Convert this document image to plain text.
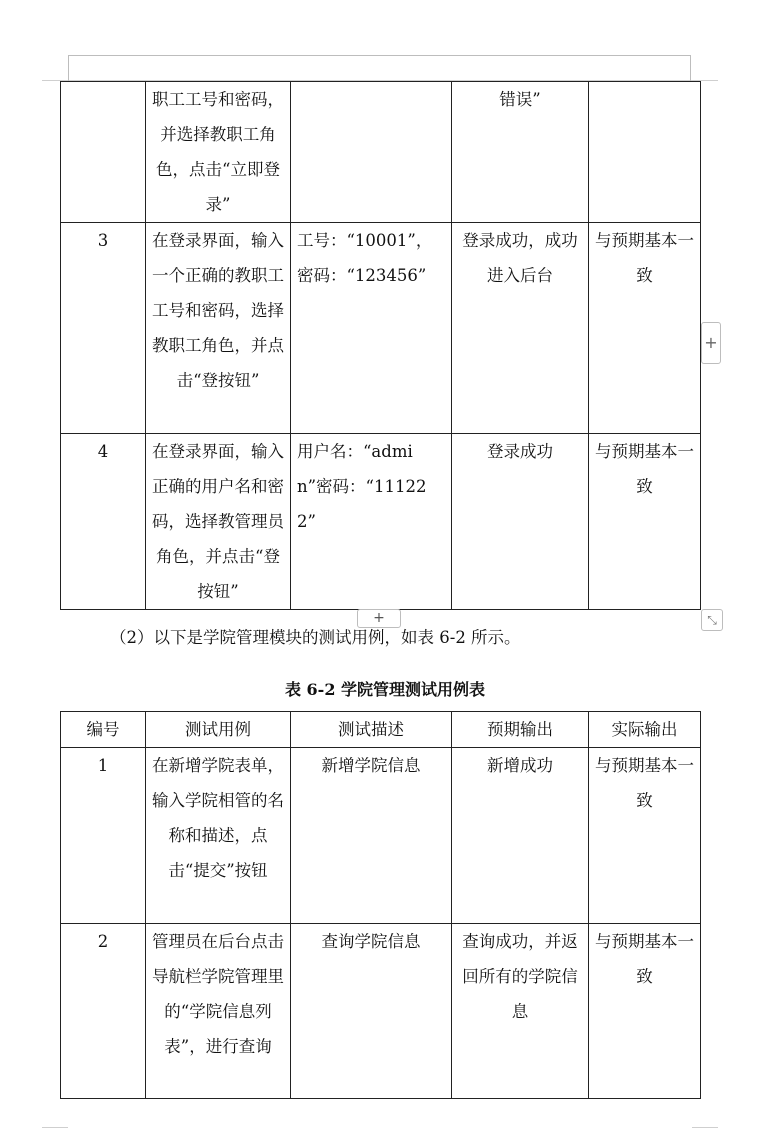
	职工工号和密码，并选择教职工角色，点击“立即登录”		错误”	
3	在登录界面，输入一个正确的教职工工号和密码，选择教职工角色，并点击“登按钮”	工号：“10001”，密码：“123456”	登录成功，成功进入后台	与预期基本一致
4	在登录界面，输入正确的用户名和密码，选择教管理员角色，并点击“登按钮”	用户名：“admin”密码：“111222”	登录成功	与预期基本一致
+
+	⤡
（2）以下是学院管理模块的测试用例，如表 6-2 所示。
表 6-2 学院管理测试用例表
编号	测试用例	测试描述	预期输出	实际输出
1	在新增学院表单，输入学院相管的名称和描述，点击“提交”按钮	新增学院信息	新增成功	与预期基本一致
2	管理员在后台点击导航栏学院管理里的“学院信息列表”，进行查询	查询学院信息	查询成功，并返回所有的学院信息	与预期基本一致
